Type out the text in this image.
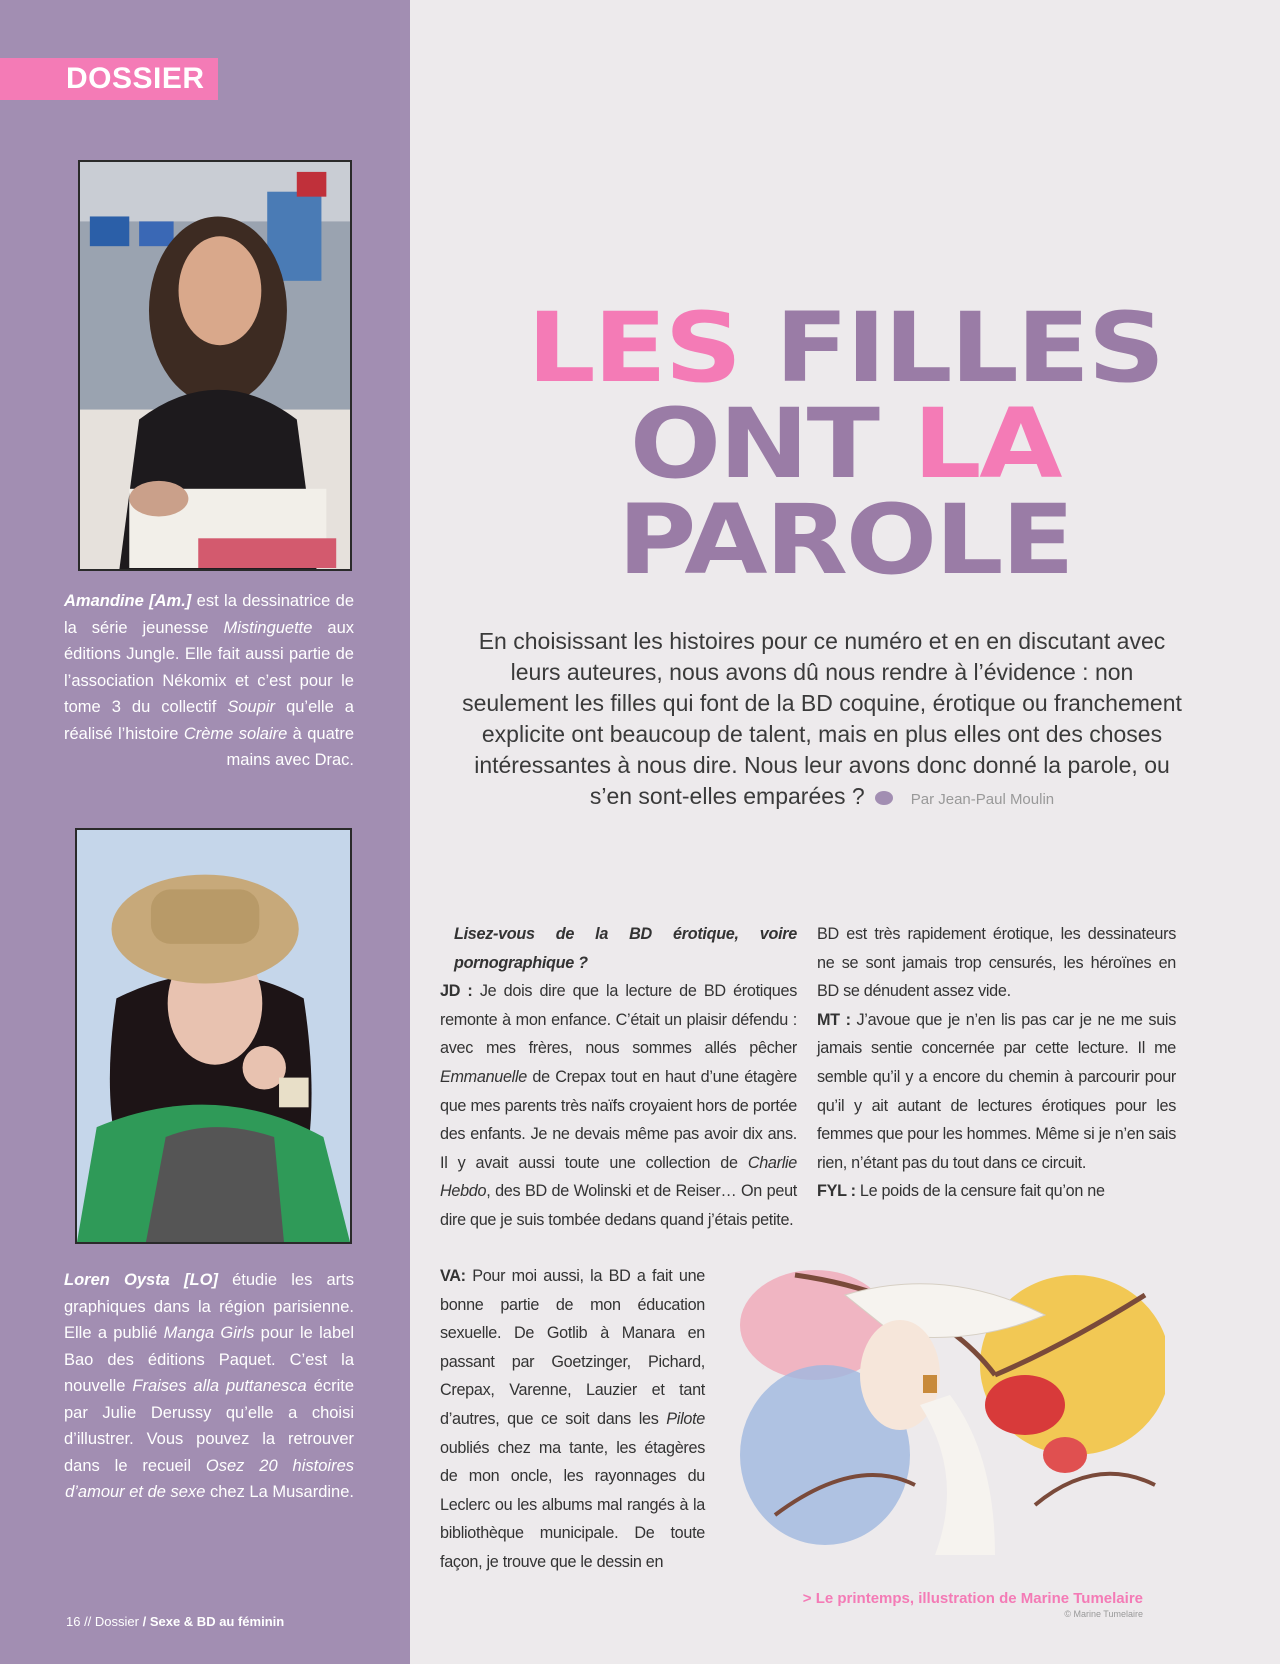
DOSSIER

Amandine [Am.] est la dessinatrice de la série jeunesse Mistinguette aux éditions Jungle. Elle fait aussi partie de l’association Nékomix et c’est pour le tome 3 du collectif Soupir qu’elle a réalisé l’histoire Crème solaire à quatre mains avec Drac.

Loren Oysta [LO] étudie les arts graphiques dans la région parisienne. Elle a publié Manga Girls pour le label Bao des éditions Paquet. C’est la nouvelle Fraises alla puttanesca écrite par Julie Derussy qu’elle a choisi d’illustrer. Vous pouvez la retrouver dans le recueil Osez 20 histoires d’amour et de sexe chez La Musardine.

16 // Dossier / Sexe & BD au féminin
LES FILLES
ONT LA
PAROLE

En choisissant les histoires pour ce numéro et en en discutant avec leurs auteures, nous avons dû nous rendre à l’évidence : non seulement les filles qui font de la BD coquine, érotique ou franchement explicite ont beaucoup de talent, mais en plus elles ont des choses intéressantes à nous dire. Nous leur avons donc donné la parole, ou s’en sont-elles emparées ?	Par Jean-Paul Moulin

Lisez-vous de la BD érotique, voire pornographique ?
JD : Je dois dire que la lecture de BD érotiques remonte à mon enfance. C’était un plaisir défendu : avec mes frères, nous sommes allés pêcher Emmanuelle de Crepax tout en haut d’une étagère que mes parents très naïfs croyaient hors de portée des enfants. Je ne devais même pas avoir dix ans. Il y avait aussi toute une collection de Charlie Hebdo, des BD de Wolinski et de Reiser… On peut dire que je suis tombée dedans quand j’étais petite.
VA: Pour moi aussi, la BD a fait une bonne partie de mon éducation sexuelle. De Gotlib à Manara en passant par Goetzinger, Pichard, Crepax, Varenne, Lauzier et tant d’autres, que ce soit dans les Pilote oubliés chez ma tante, les étagères de mon oncle, les rayonnages du Leclerc ou les albums mal rangés à la bibliothèque municipale. De toute façon, je trouve que le dessin en
BD est très rapidement érotique, les dessinateurs ne se sont jamais trop censurés, les héroïnes en BD se dénudent assez vide.
MT : J’avoue que je n’en lis pas car je ne me suis jamais sentie concernée par cette lecture. Il me semble qu’il y a encore du chemin à parcourir pour qu’il y ait autant de lectures érotiques pour les femmes que pour les hommes. Même si je n’en sais rien, n’étant pas du tout dans ce circuit.
FYL : Le poids de la censure fait qu’on ne
> Le printemps, illustration de Marine Tumelaire
© Marine Tumelaire
